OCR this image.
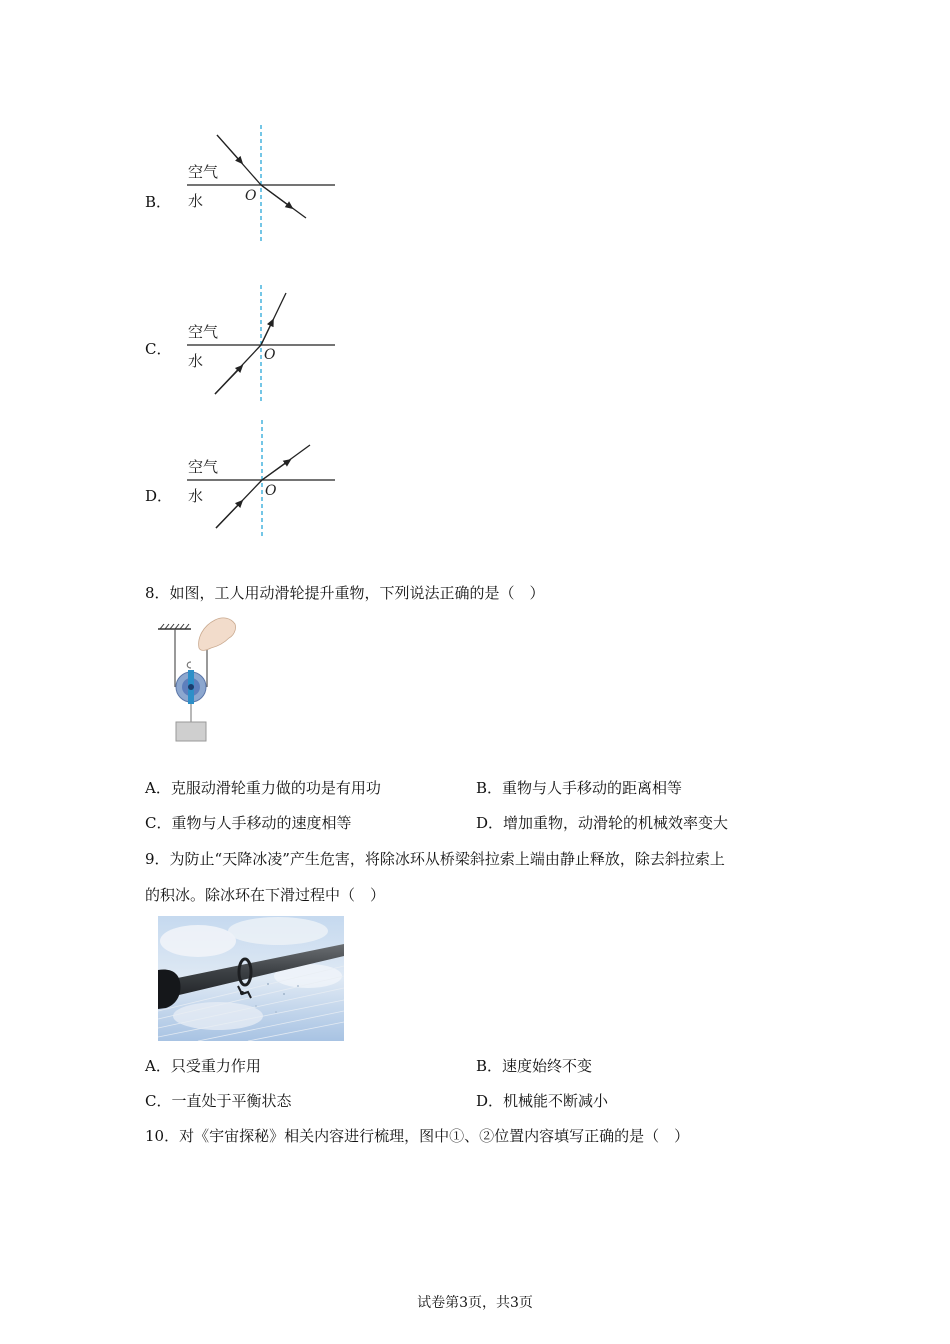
B．
空气
水	O
C．
空气
水	O
D．
空气
水	O
8．如图，工人用动滑轮提升重物，下列说法正确的是（　）
A．克服动滑轮重力做的功是有用功	B．重物与人手移动的距离相等
C．重物与人手移动的速度相等	D．增加重物，动滑轮的机械效率变大
9．为防止“天降冰凌”产生危害，将除冰环从桥梁斜拉索上端由静止释放，除去斜拉索上
的积冰。除冰环在下滑过程中（　）
A．只受重力作用	B．速度始终不变
C．一直处于平衡状态	D．机械能不断减小
10．对《宇宙探秘》相关内容进行梳理，图中①、②位置内容填写正确的是（　）
试卷第3页，共3页
